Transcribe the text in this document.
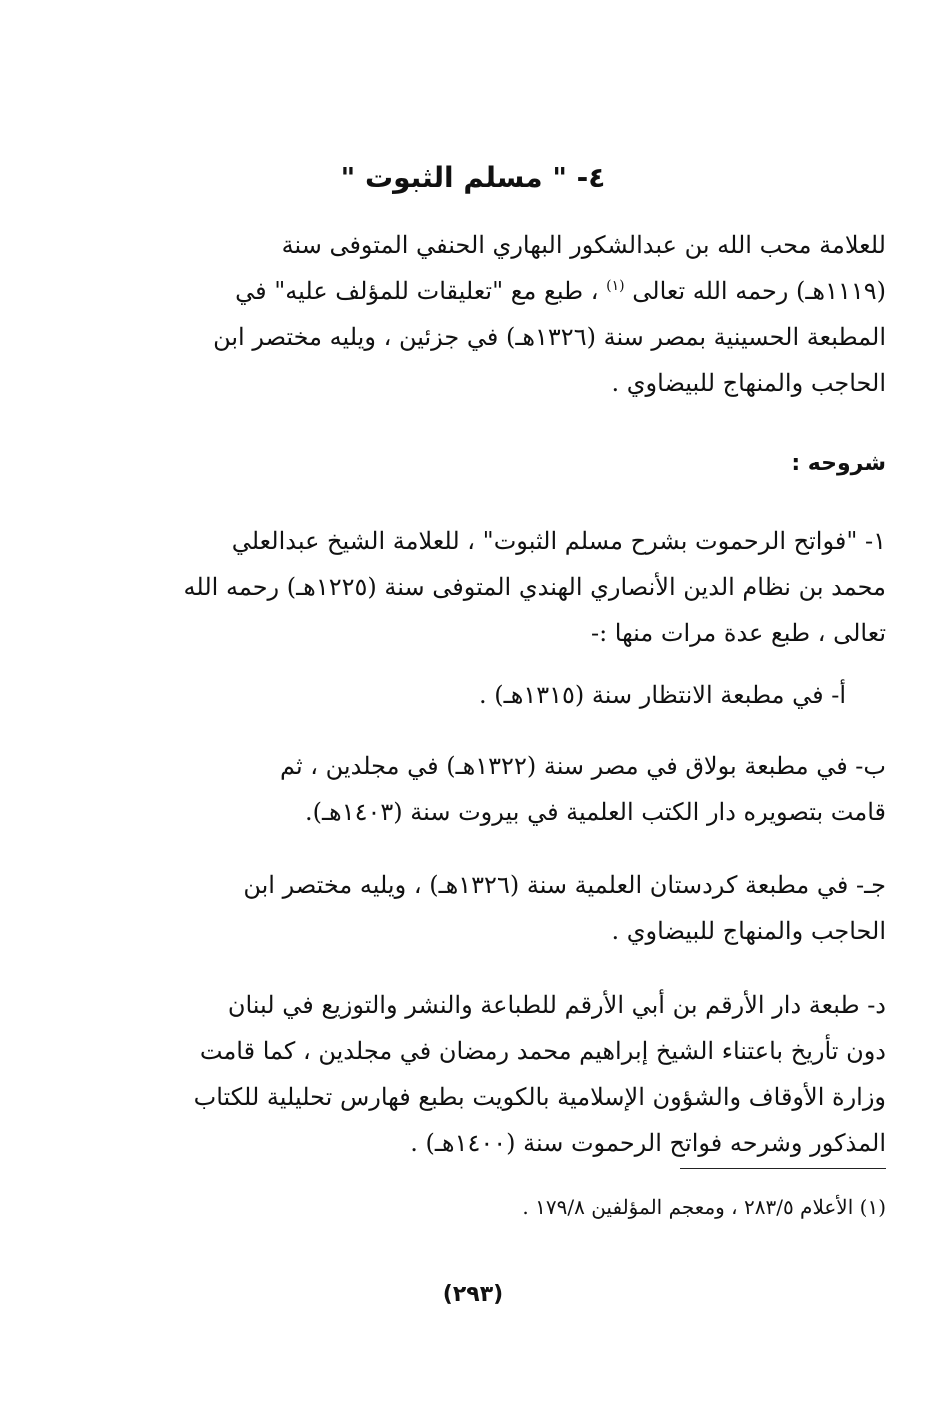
٤- " مسلم الثبوت "
للعلامة محب الله بن عبدالشكور البهاري الحنفي المتوفى سنة
(١١١٩هـ) رحمه الله تعالى $^{(١)}$ ، طبع مع "تعليقات للمؤلف عليه" في
المطبعة الحسينية بمصر سنة (١٣٢٦هـ) في جزئين ، ويليه مختصر ابن
الحاجب والمنهاج للبيضاوي .
شروحه :
١- "فواتح الرحموت بشرح مسلم الثبوت" ، للعلامة الشيخ عبدالعلي
محمد بن نظام الدين الأنصاري الهندي المتوفى سنة (١٢٢٥هـ) رحمه الله
تعالى ، طبع عدة مرات منها :-
أ- في مطبعة الانتظار سنة (١٣١٥هـ) .
ب- في مطبعة بولاق في مصر سنة (١٣٢٢هـ) في مجلدين ، ثم
قامت بتصويره دار الكتب العلمية في بيروت سنة (١٤٠٣هـ).
جـ- في مطبعة كردستان العلمية سنة (١٣٢٦هـ) ، ويليه مختصر ابن
الحاجب والمنهاج للبيضاوي .
د- طبعة دار الأرقم بن أبي الأرقم للطباعة والنشر والتوزيع في لبنان
دون تأريخ باعتناء الشيخ إبراهيم محمد رمضان في مجلدين ، كما قامت
وزارة الأوقاف والشؤون الإسلامية بالكويت بطبع فهارس تحليلية للكتاب
المذكور وشرحه فواتح الرحموت سنة (١٤٠٠هـ) .
(١) الأعلام ٢٨٣/٥ ، ومعجم المؤلفين ١٧٩/٨ .
(٢٩٣)
